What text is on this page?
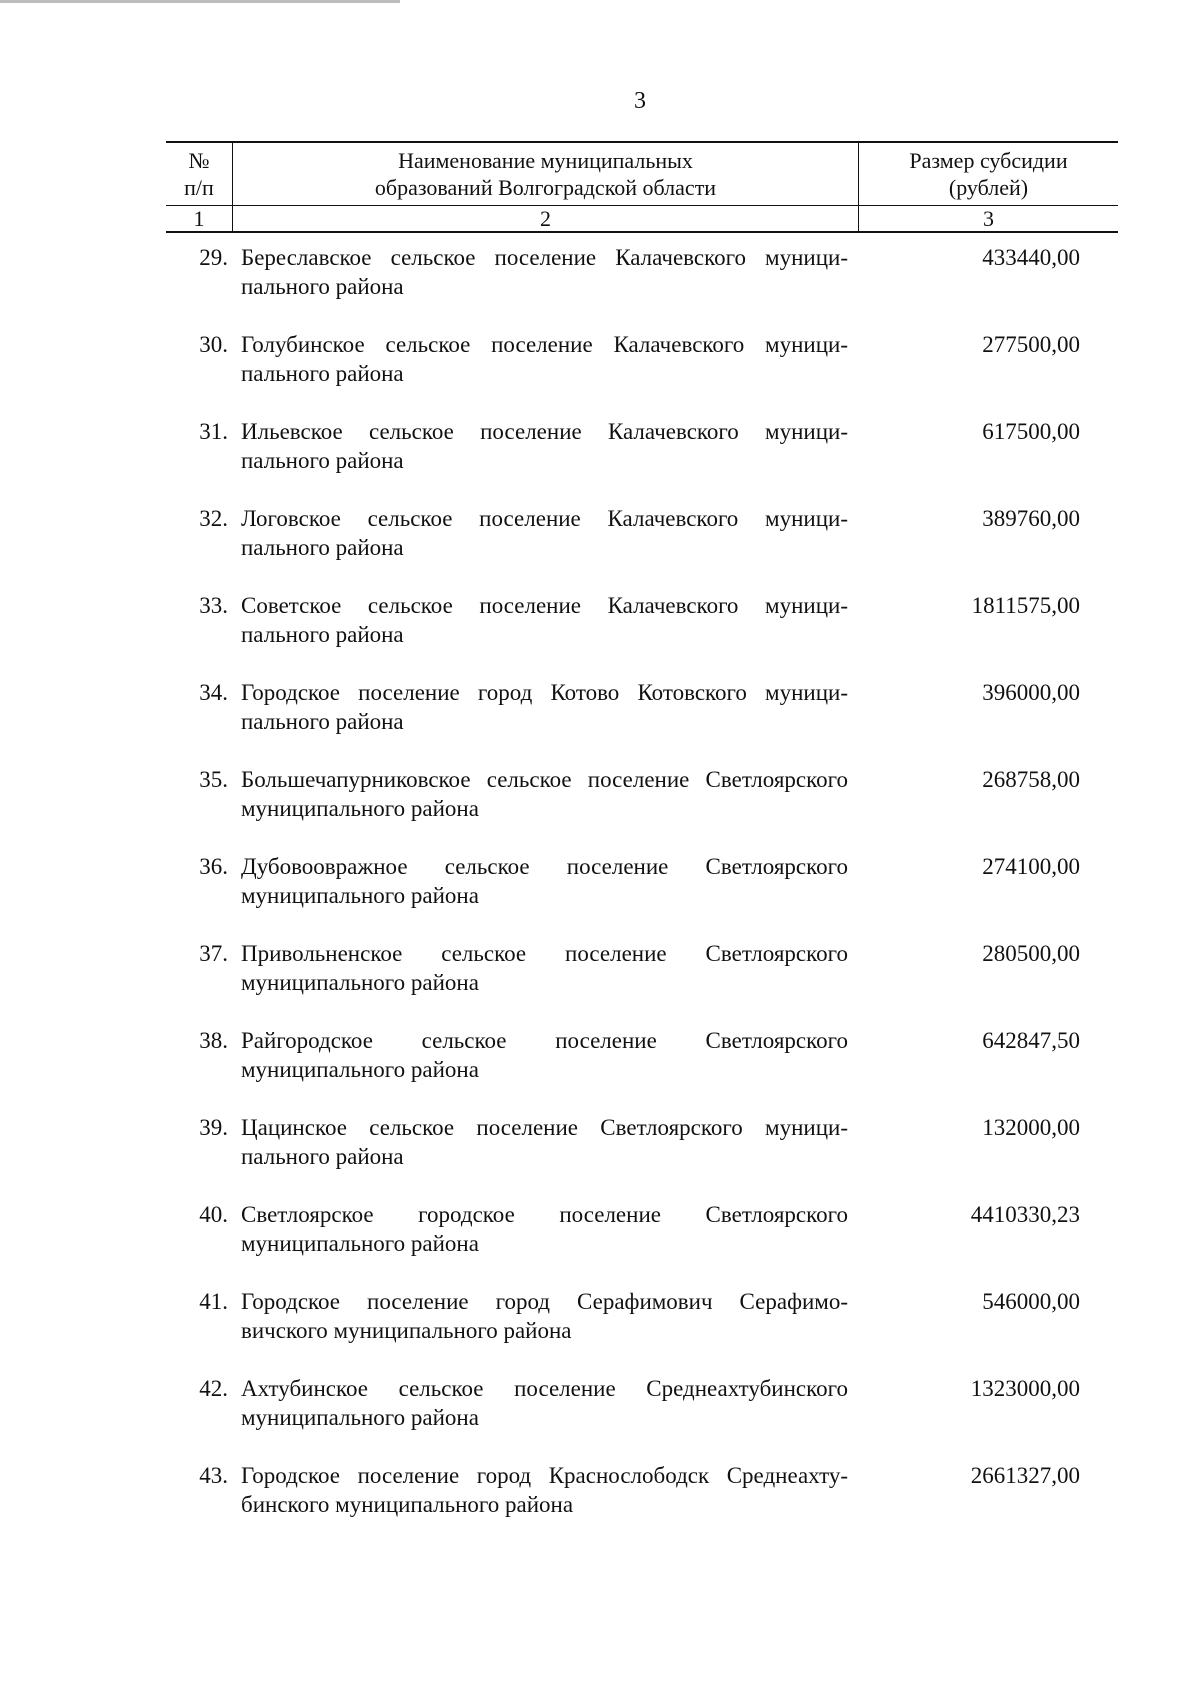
3
№
п/п
Наименование муниципальных
образований Волгоградской области
Размер субсидии
(рублей)
1	2	3
29. Береславское сельское поселение Калачевского муници-
пального района
433440,00
30. Голубинское сельское поселение Калачевского муници-
пального района
277500,00
31. Ильевское сельское поселение Калачевского муници-
пального района
617500,00
32. Логовское сельское поселение Калачевского муници-
пального района
389760,00
33. Советское сельское поселение Калачевского муници-
пального района
1811575,00
34. Городское поселение город Котово Котовского муници-
пального района
396000,00
35. Большечапурниковское сельское поселение Светлоярского
муниципального района
268758,00
36. Дубовоовражное сельское поселение Светлоярского
муниципального района
274100,00
37. Привольненское сельское поселение Светлоярского
муниципального района
280500,00
38. Райгородское сельское поселение Светлоярского
муниципального района
642847,50
39. Цацинское сельское поселение Светлоярского муници-
пального района
132000,00
40. Светлоярское городское поселение Светлоярского
муниципального района
4410330,23
41. Городское поселение город Серафимович Серафимо-
вичского муниципального района
546000,00
42. Ахтубинское сельское поселение Среднеахтубинского
муниципального района
1323000,00
43. Городское поселение город Краснослободск Среднеахту-
бинского муниципального района
2661327,00
